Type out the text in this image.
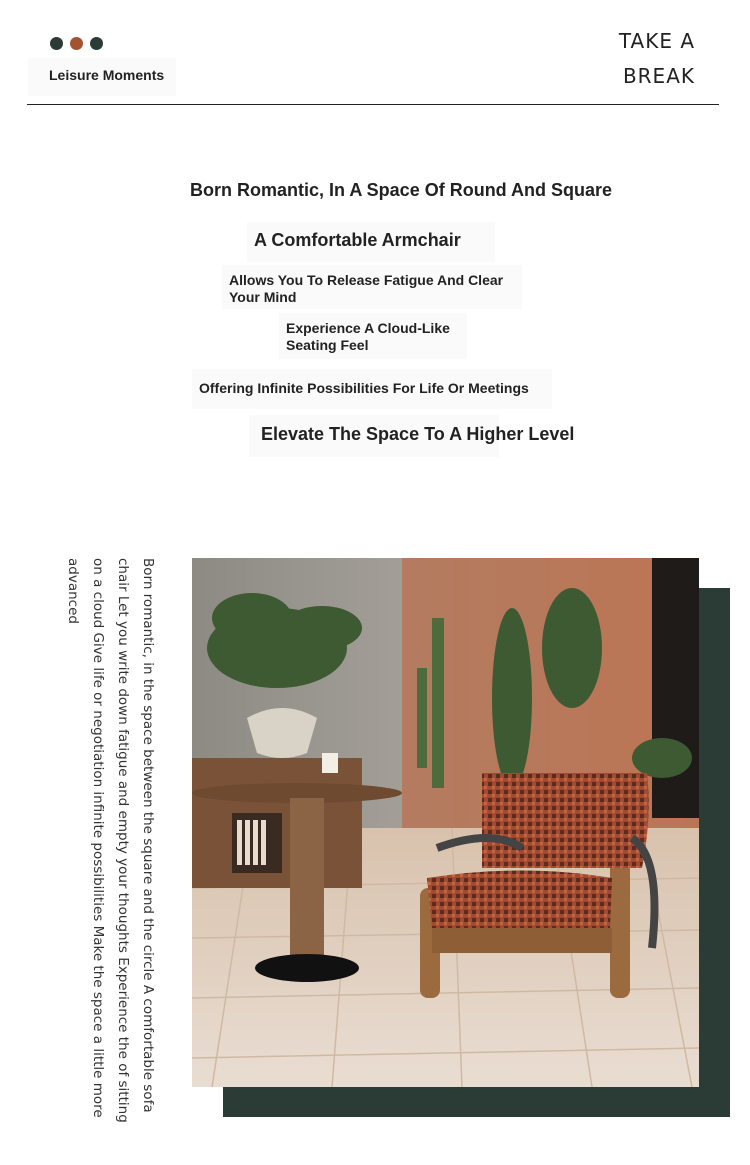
Leisure Moments
TAKE A
BREAK
Born Romantic, In A Space Of Round And Square
A Comfortable Armchair
Allows You To Release Fatigue And Clear Your Mind
Experience A Cloud-Like Seating Feel
Offering Infinite Possibilities For Life Or Meetings
Elevate The Space To A Higher Level
Born romantic, in the space between the square and the circle A comfortable sofa chair Let you write down fatigue and empty your thoughts Experience the of sitting on a cloud Give life or negotiation infinite possibilities Make the space a little more advanced
